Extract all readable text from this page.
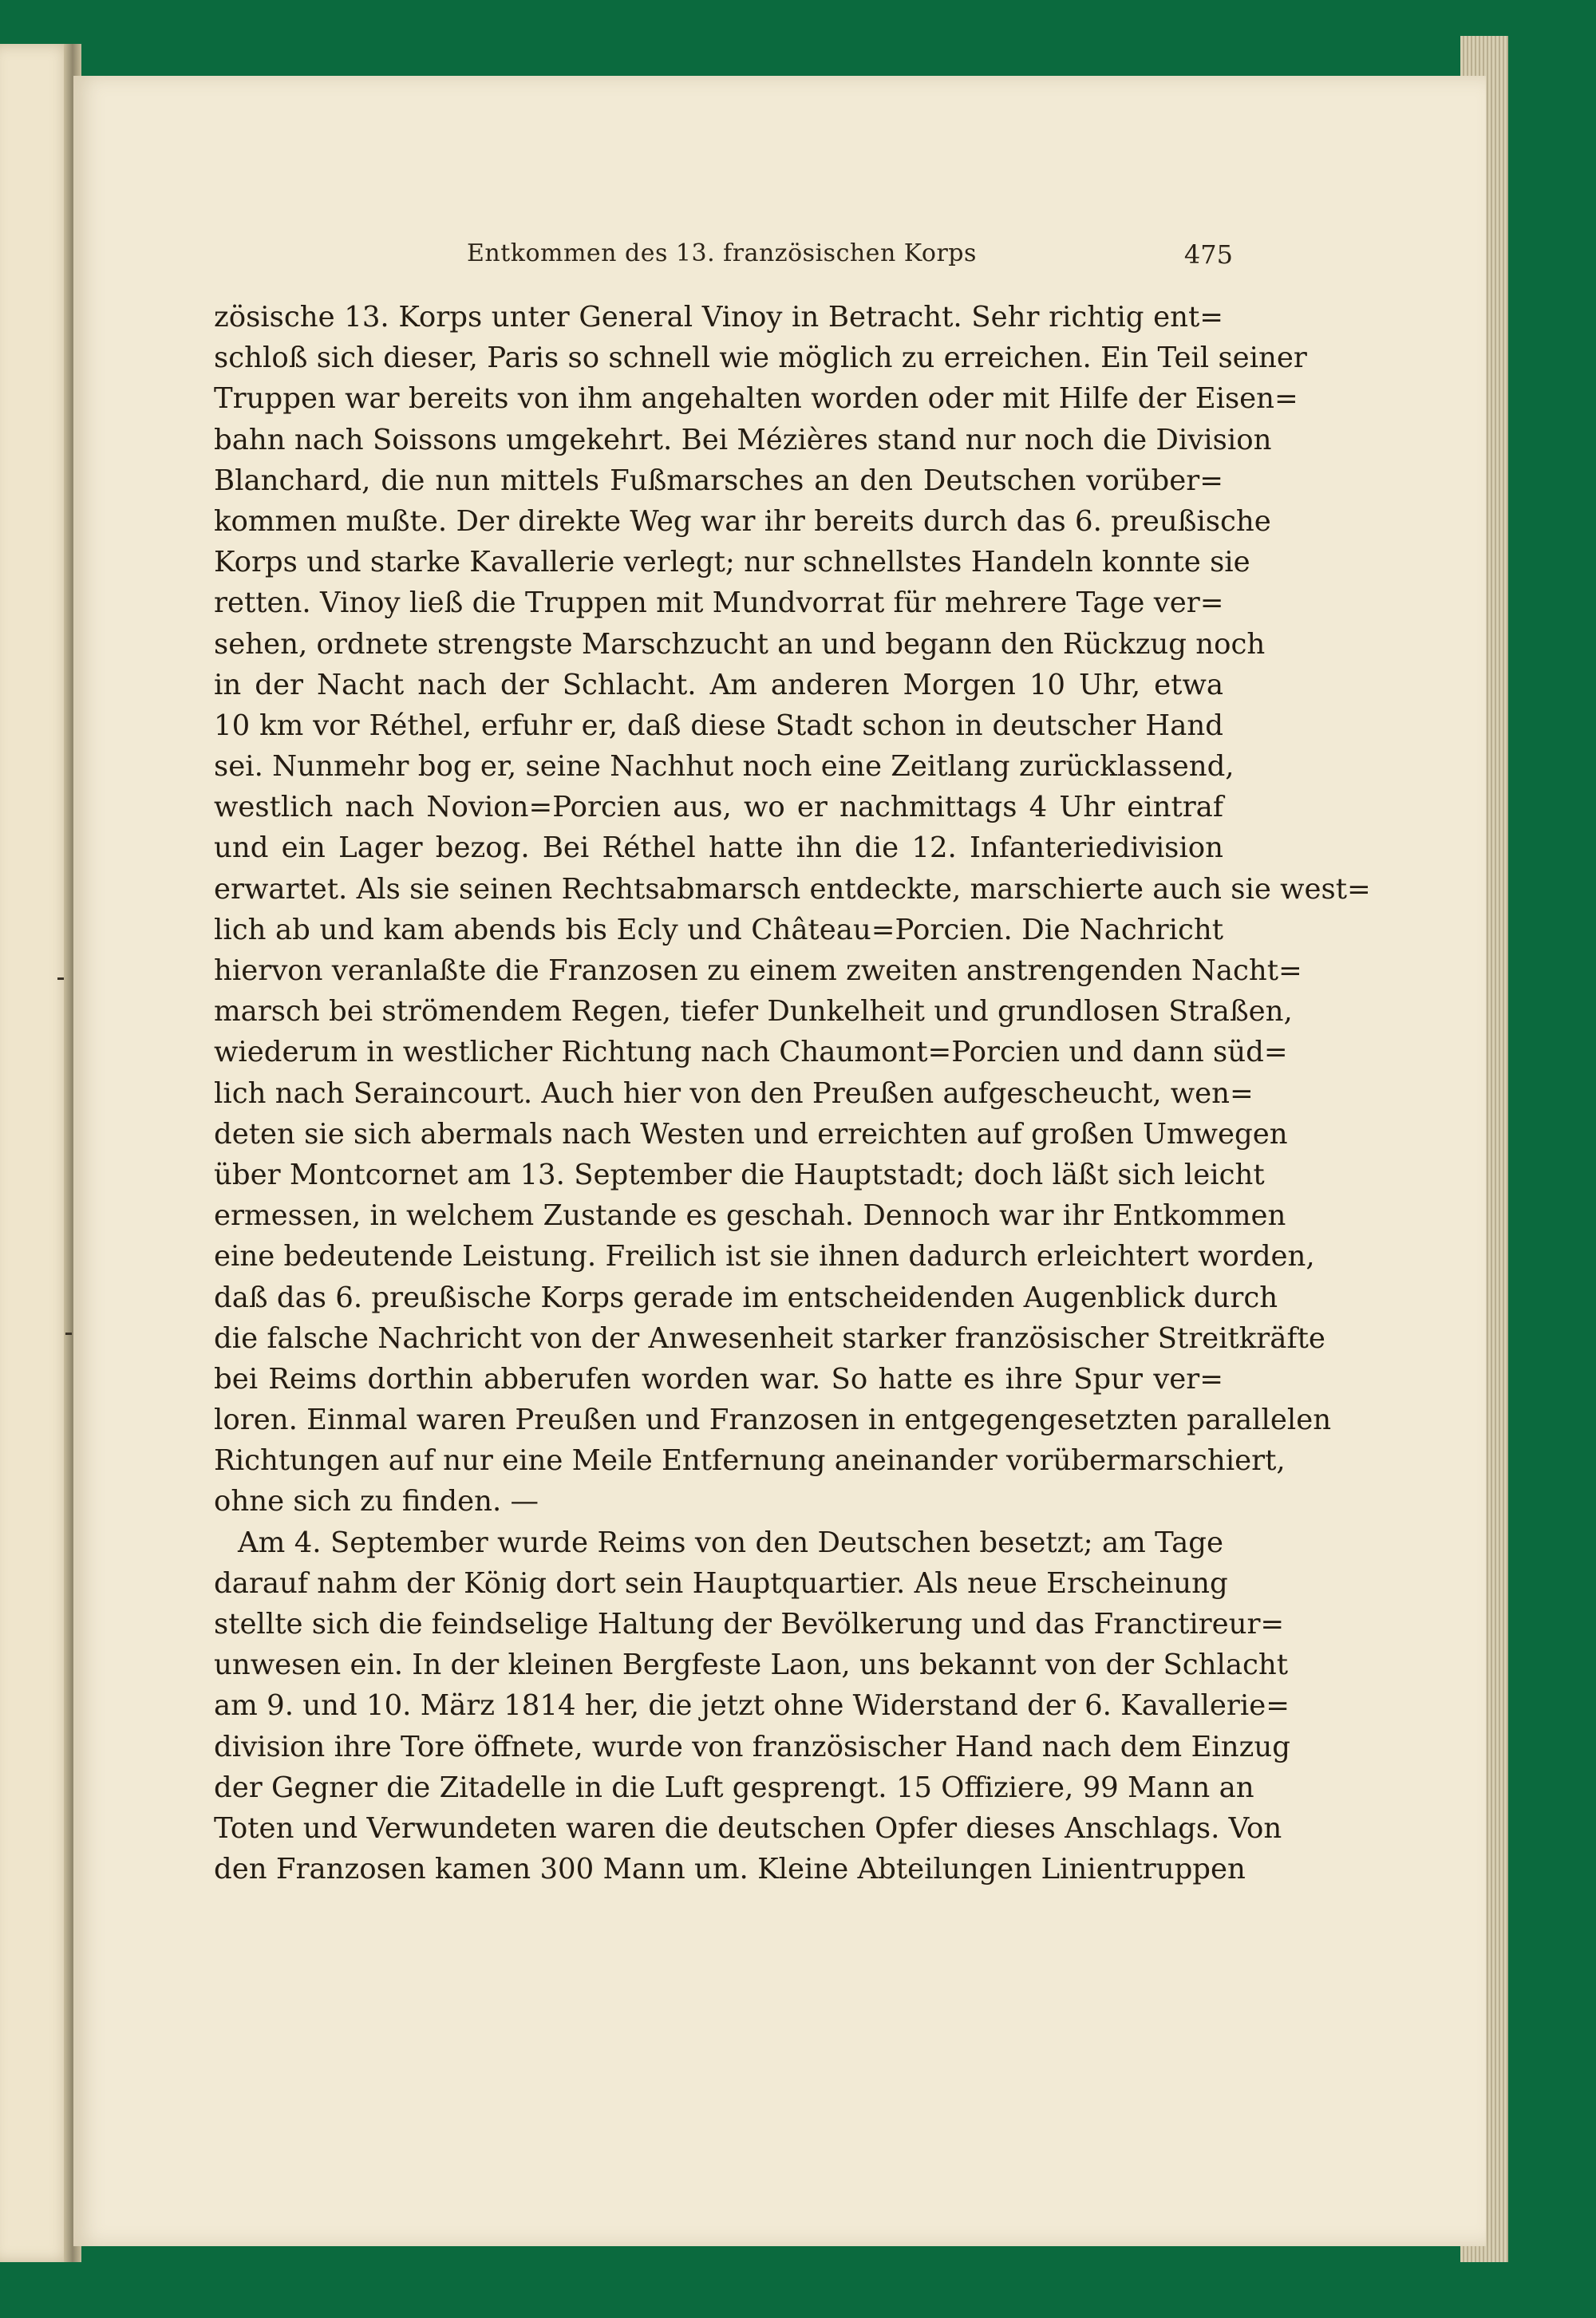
Entkommen des 13. französischen Korps	475
zösische 13. Korps unter General Vinoy in Betracht. Sehr richtig ent=
schloß sich dieser, Paris so schnell wie möglich zu erreichen. Ein Teil seiner
Truppen war bereits von ihm angehalten worden oder mit Hilfe der Eisen=
bahn nach Soissons umgekehrt. Bei Mézières stand nur noch die Division
Blanchard, die nun mittels Fußmarsches an den Deutschen vorüber=
kommen mußte. Der direkte Weg war ihr bereits durch das 6. preußische
Korps und starke Kavallerie verlegt; nur schnellstes Handeln konnte sie
retten. Vinoy ließ die Truppen mit Mundvorrat für mehrere Tage ver=
sehen, ordnete strengste Marschzucht an und begann den Rückzug noch
in der Nacht nach der Schlacht. Am anderen Morgen 10 Uhr, etwa
10 km vor Réthel, erfuhr er, daß diese Stadt schon in deutscher Hand
sei. Nunmehr bog er, seine Nachhut noch eine Zeitlang zurücklassend,
westlich nach Novion=Porcien aus, wo er nachmittags 4 Uhr eintraf
und ein Lager bezog. Bei Réthel hatte ihn die 12. Infanteriedivision
erwartet. Als sie seinen Rechtsabmarsch entdeckte, marschierte auch sie west=
lich ab und kam abends bis Ecly und Château=Porcien. Die Nachricht
hiervon veranlaßte die Franzosen zu einem zweiten anstrengenden Nacht=
marsch bei strömendem Regen, tiefer Dunkelheit und grundlosen Straßen,
wiederum in westlicher Richtung nach Chaumont=Porcien und dann süd=
lich nach Seraincourt. Auch hier von den Preußen aufgescheucht, wen=
deten sie sich abermals nach Westen und erreichten auf großen Umwegen
über Montcornet am 13. September die Hauptstadt; doch läßt sich leicht
ermessen, in welchem Zustande es geschah. Dennoch war ihr Entkommen
eine bedeutende Leistung. Freilich ist sie ihnen dadurch erleichtert worden,
daß das 6. preußische Korps gerade im entscheidenden Augenblick durch
die falsche Nachricht von der Anwesenheit starker französischer Streitkräfte
bei Reims dorthin abberufen worden war. So hatte es ihre Spur ver=
loren. Einmal waren Preußen und Franzosen in entgegengesetzten parallelen
Richtungen auf nur eine Meile Entfernung aneinander vorübermarschiert,
ohne sich zu finden. —
Am 4. September wurde Reims von den Deutschen besetzt; am Tage
darauf nahm der König dort sein Hauptquartier. Als neue Erscheinung
stellte sich die feindselige Haltung der Bevölkerung und das Franctireur=
unwesen ein. In der kleinen Bergfeste Laon, uns bekannt von der Schlacht
am 9. und 10. März 1814 her, die jetzt ohne Widerstand der 6. Kavallerie=
division ihre Tore öffnete, wurde von französischer Hand nach dem Einzug
der Gegner die Zitadelle in die Luft gesprengt. 15 Offiziere, 99 Mann an
Toten und Verwundeten waren die deutschen Opfer dieses Anschlags. Von
den Franzosen kamen 300 Mann um. Kleine Abteilungen Linientruppen
